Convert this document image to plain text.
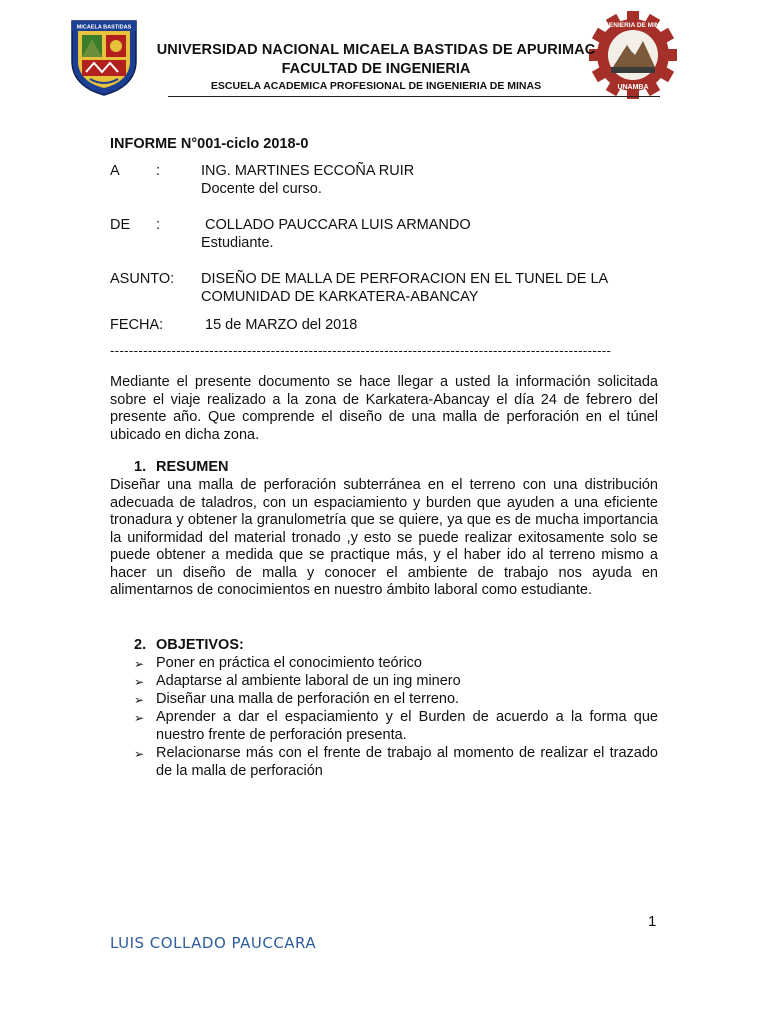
MICAELA BASTIDAS	INGENIERIA DE MINAS
UNAMBA
UNIVERSIDAD NACIONAL MICAELA BASTIDAS DE APURIMAC
FACULTAD DE INGENIERIA
ESCUELA ACADEMICA PROFESIONAL DE INGENIERIA DE MINAS
INFORME N°001-ciclo 2018-0
A	:	ING. MARTINES ECCOÑA RUIR
Docente del curso.
DE :	COLLADO PAUCCARA LUIS ARMANDO
Estudiante.
ASUNTO: DISEÑO DE MALLA DE PERFORACION EN EL TUNEL DE LA
COMUNIDAD DE KARKATERA-ABANCAY
FECHA:	15 de MARZO del 2018
----------------------------------------------------------------------------------------------------------
Mediante el presente documento se hace llegar a usted la información solicitada sobre el viaje realizado a la zona de Karkatera-Abancay el día 24 de febrero del presente año. Que comprende el diseño de una malla de perforación en el túnel ubicado en dicha zona.
1. RESUMEN
Diseñar una malla de perforación subterránea en el terreno con una distribución adecuada de taladros, con un espaciamiento y burden que ayuden a una eficiente tronadura y obtener la granulometría que se quiere, ya que es de mucha importancia la uniformidad del material tronado ,y esto se puede realizar exitosamente solo se puede obtener a medida que se practique más, y el haber ido al terreno mismo a hacer un diseño de malla y conocer el ambiente de trabajo nos ayuda en alimentarnos de conocimientos en nuestro ámbito laboral como estudiante.
2. OBJETIVOS:
➢ Poner en práctica el conocimiento teórico
➢ Adaptarse al ambiente laboral de un ing minero
➢ Diseñar una malla de perforación en el terreno.
➢ Aprender a dar el espaciamiento y el Burden de acuerdo a la forma que nuestro frente de perforación presenta.
➢ Relacionarse más con el frente de trabajo al momento de realizar el trazado de la malla de perforación
1
LUIS COLLADO PAUCCARA
